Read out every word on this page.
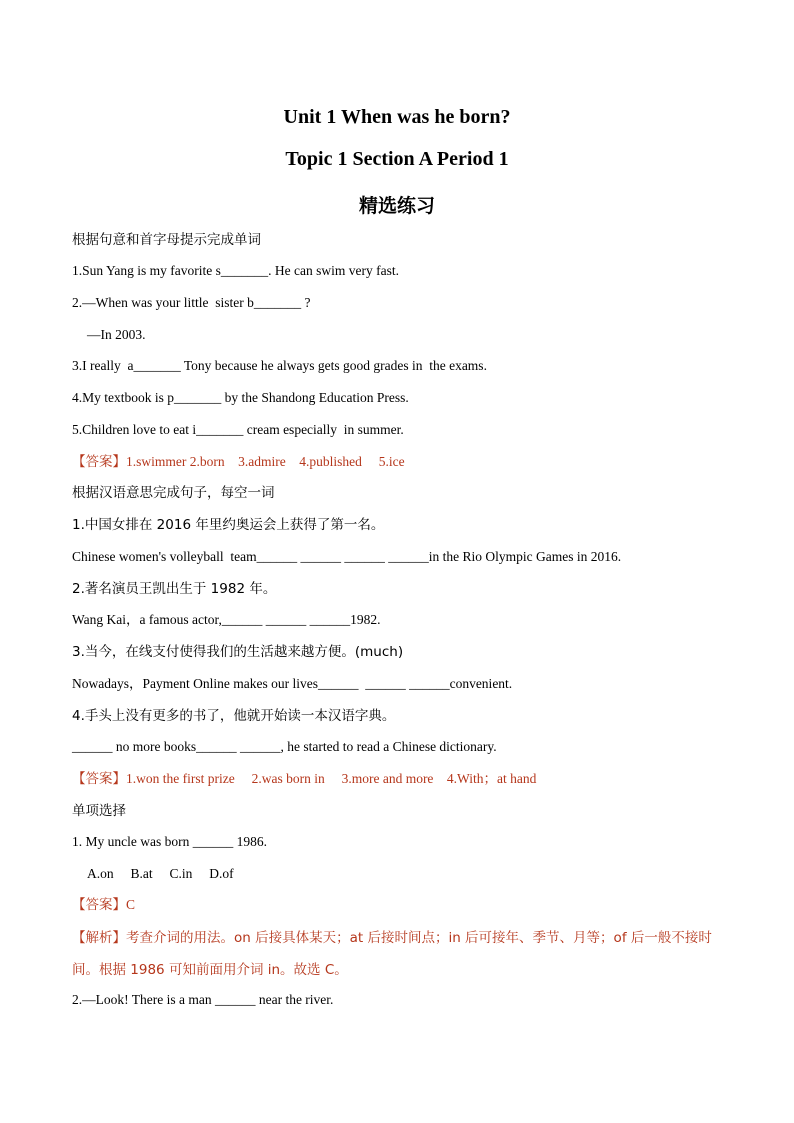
Unit 1 When was he born?
Topic 1 Section A Period 1
精选练习
根据句意和首字母提示完成单词
1.Sun Yang is my favorite s_______. He can swim very fast.
2.—When was your little  sister b_______ ?
—In 2003.
3.I really  a_______ Tony because he always gets good grades in  the exams.
4.My textbook is p_______ by the Shandong Education Press.
5.Children love to eat i_______ cream especially  in summer.
【答案】1.swimmer 2.born    3.admire    4.published     5.ice
根据汉语意思完成句子，每空一词
1.中国女排在 2016 年里约奥运会上获得了第一名。
Chinese women's volleyball  team______ ______ ______ ______in the Rio Olympic Games in 2016.
2.著名演员王凯出生于 1982 年。
Wang Kai，a famous actor,______ ______ ______1982.
3.当今，在线支付使得我们的生活越来越方便。(much)
Nowadays，Payment Online makes our lives______  ______ ______convenient.
4.手头上没有更多的书了，他就开始读一本汉语字典。
______ no more books______ ______, he started to read a Chinese dictionary.
【答案】1.won the first prize     2.was born in     3.more and more    4.With；at hand
单项选择
1. My uncle was born ______ 1986.
A.on     B.at     C.in     D.of
【答案】C
【解析】考查介词的用法。on 后接具体某天；at 后接时间点；in 后可接年、季节、月等；of 后一般不接时间。根据 1986 可知前面用介词 in。故选 C。
2.—Look! There is a man ______ near the river.
